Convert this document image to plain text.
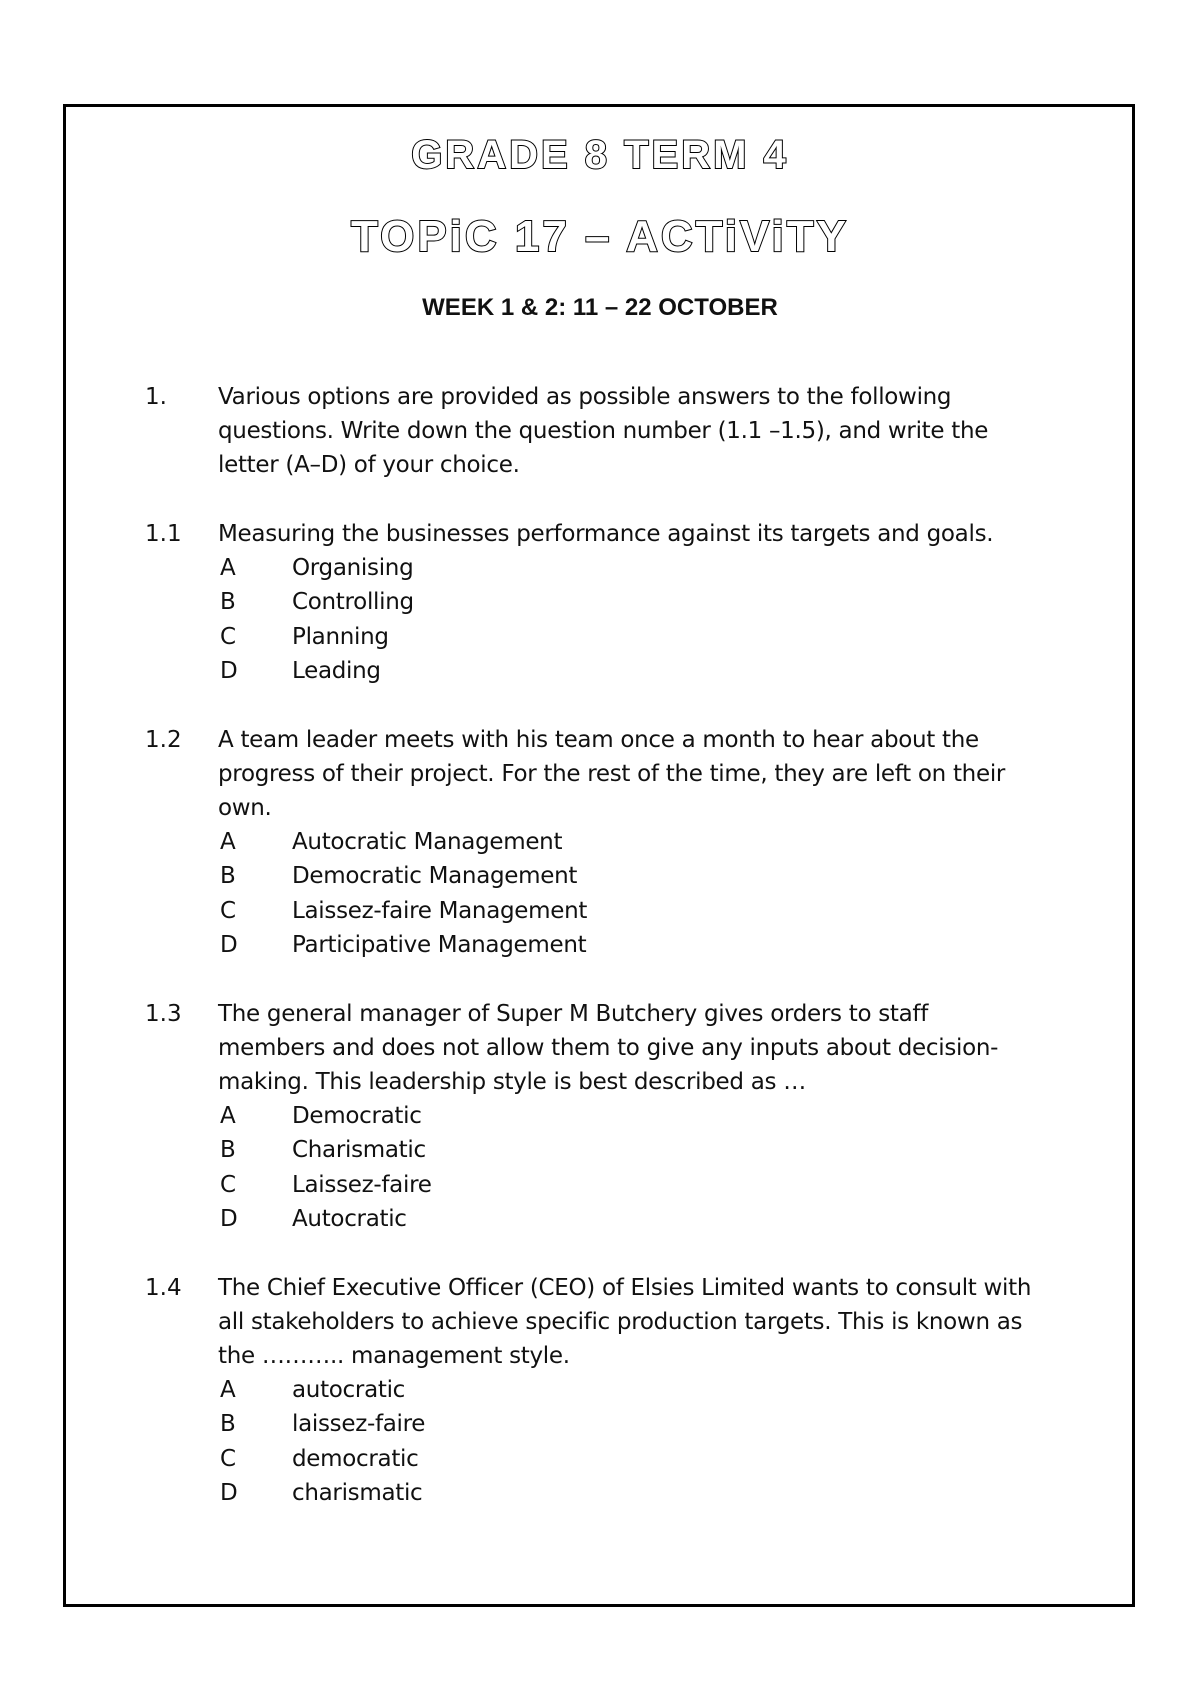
GRADE 8 TERM 4
TOPiC 17 – ACTiViTY
WEEK 1 & 2: 11 – 22 OCTOBER
1. Various options are provided as possible answers to the following
questions. Write down the question number (1.1 –1.5), and write the
letter (A–D) of your choice.
1.1 Measuring the businesses performance against its targets and goals.
A Organising
B Controlling
C Planning
D Leading
1.2 A team leader meets with his team once a month to hear about the
progress of their project. For the rest of the time, they are left on their
own.
A Autocratic Management
B Democratic Management
C Laissez-faire Management
D Participative Management
1.3 The general manager of Super M Butchery gives orders to staff
members and does not allow them to give any inputs about decision-
making. This leadership style is best described as …
A Democratic
B Charismatic
C Laissez-faire
D Autocratic
1.4 The Chief Executive Officer (CEO) of Elsies Limited wants to consult with
all stakeholders to achieve specific production targets. This is known as
the ……….. management style.
A autocratic
B laissez-faire
C democratic
D charismatic
